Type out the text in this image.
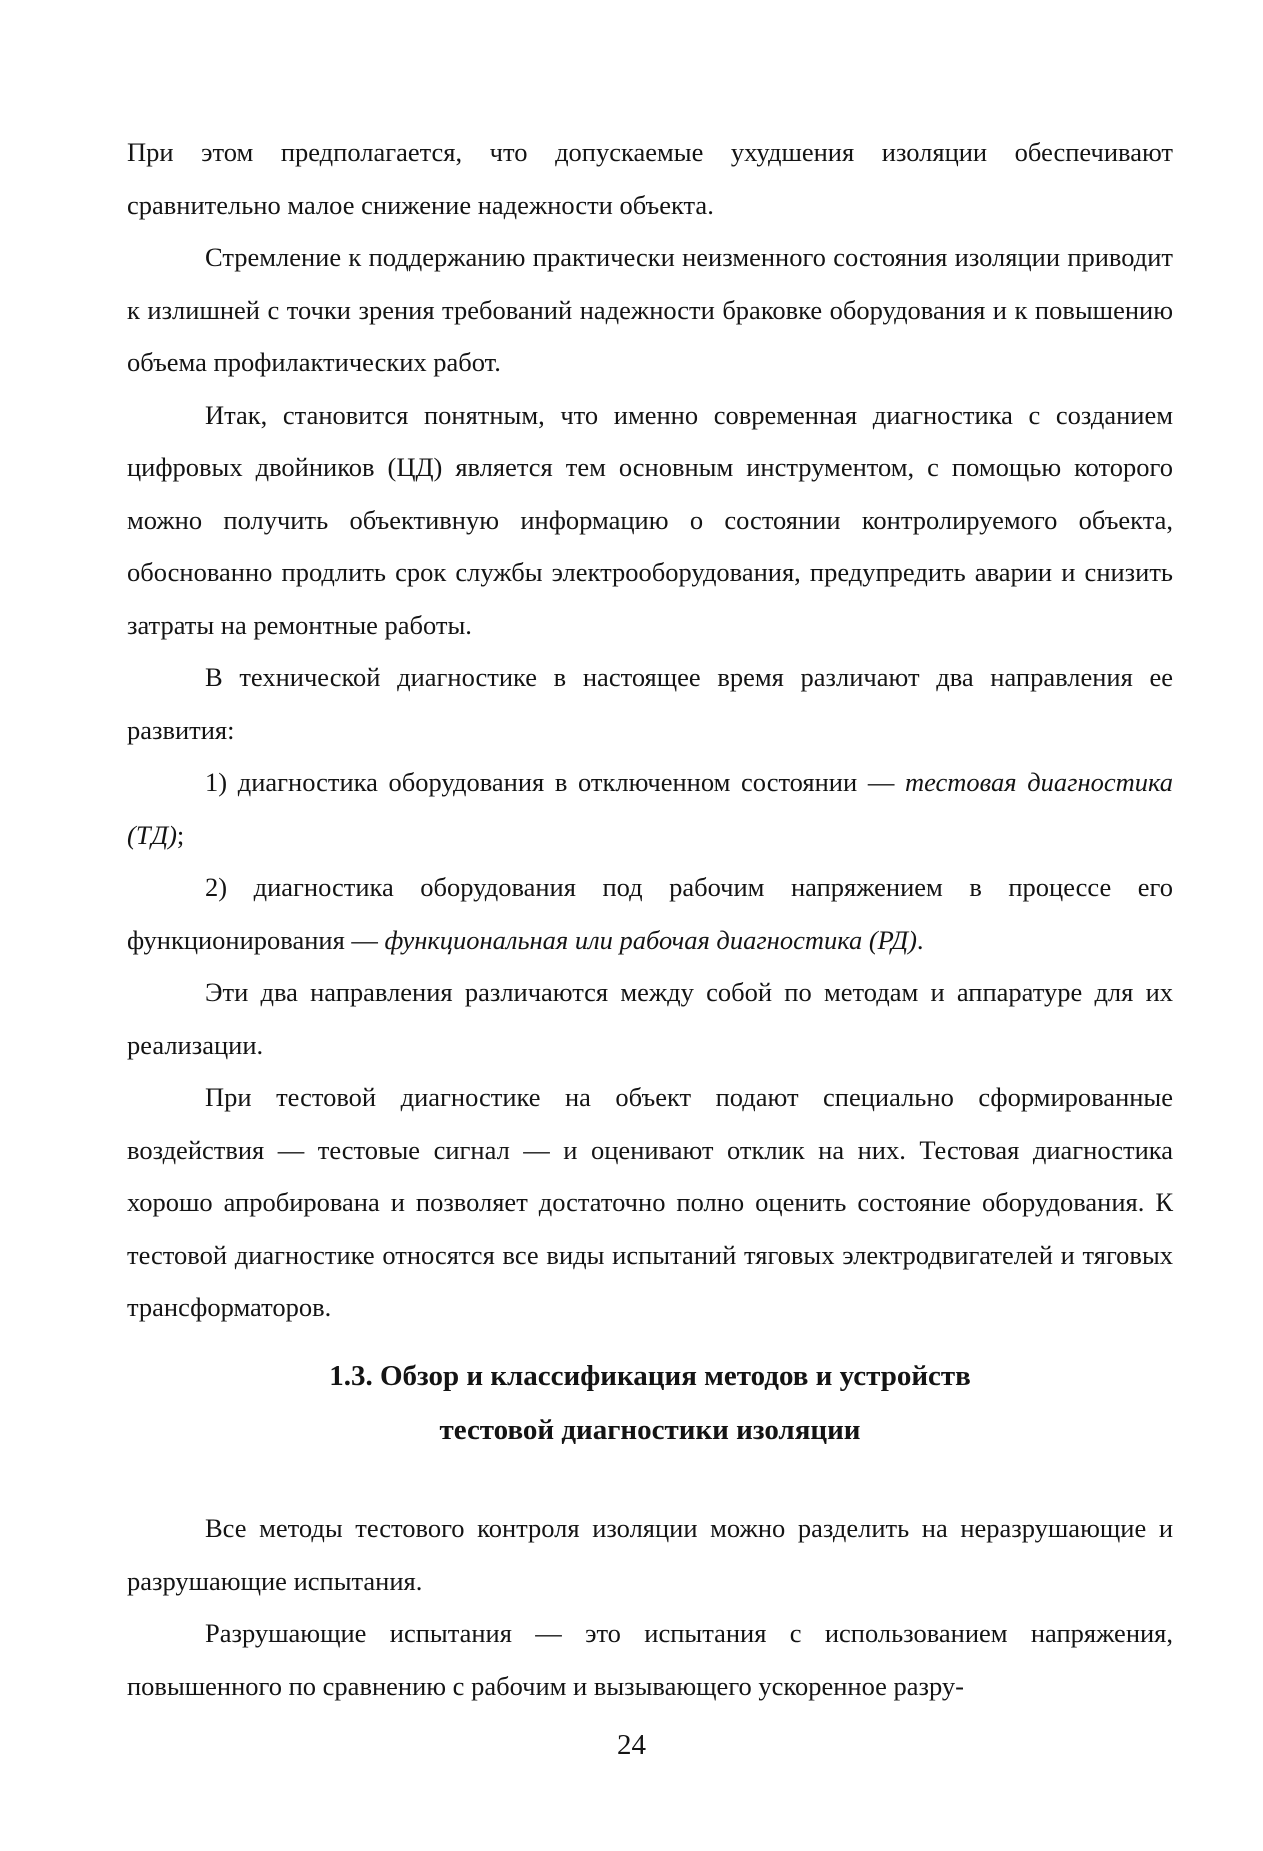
При этом предполагается, что допускаемые ухудшения изоляции обеспечивают сравнительно малое снижение надежности объекта.

Стремление к поддержанию практически неизменного состояния изоляции приводит к излишней с точки зрения требований надежности браковке оборудования и к повышению объема профилактических работ.

Итак, становится понятным, что именно современная диагностика с созданием цифровых двойников (ЦД) является тем основным инструментом, с помощью которого можно получить объективную информацию о состоянии контролируемого объекта, обоснованно продлить срок службы электрооборудования, предупредить аварии и снизить затраты на ремонтные работы.

В технической диагностике в настоящее время различают два направления ее развития:

1) диагностика оборудования в отключенном состоянии — тестовая диагностика (ТД);

2) диагностика оборудования под рабочим напряжением в процессе его функционирования — функциональная или рабочая диагностика (РД).

Эти два направления различаются между собой по методам и аппаратуре для их реализации.

При тестовой диагностике на объект подают специально сформированные воздействия — тестовые сигнал — и оценивают отклик на них. Тестовая диагностика хорошо апробирована и позволяет достаточно полно оценить состояние оборудования. К тестовой диагностике относятся все виды испытаний тяговых электродвигателей и тяговых трансформаторов.

1.3. Обзор и классификация методов и устройств
тестовой диагностики изоляции

Все методы тестового контроля изоляции можно разделить на неразрушающие и разрушающие испытания.

Разрушающие испытания — это испытания с использованием напряжения, повышенного по сравнению с рабочим и вызывающего ускоренное разру-

24
